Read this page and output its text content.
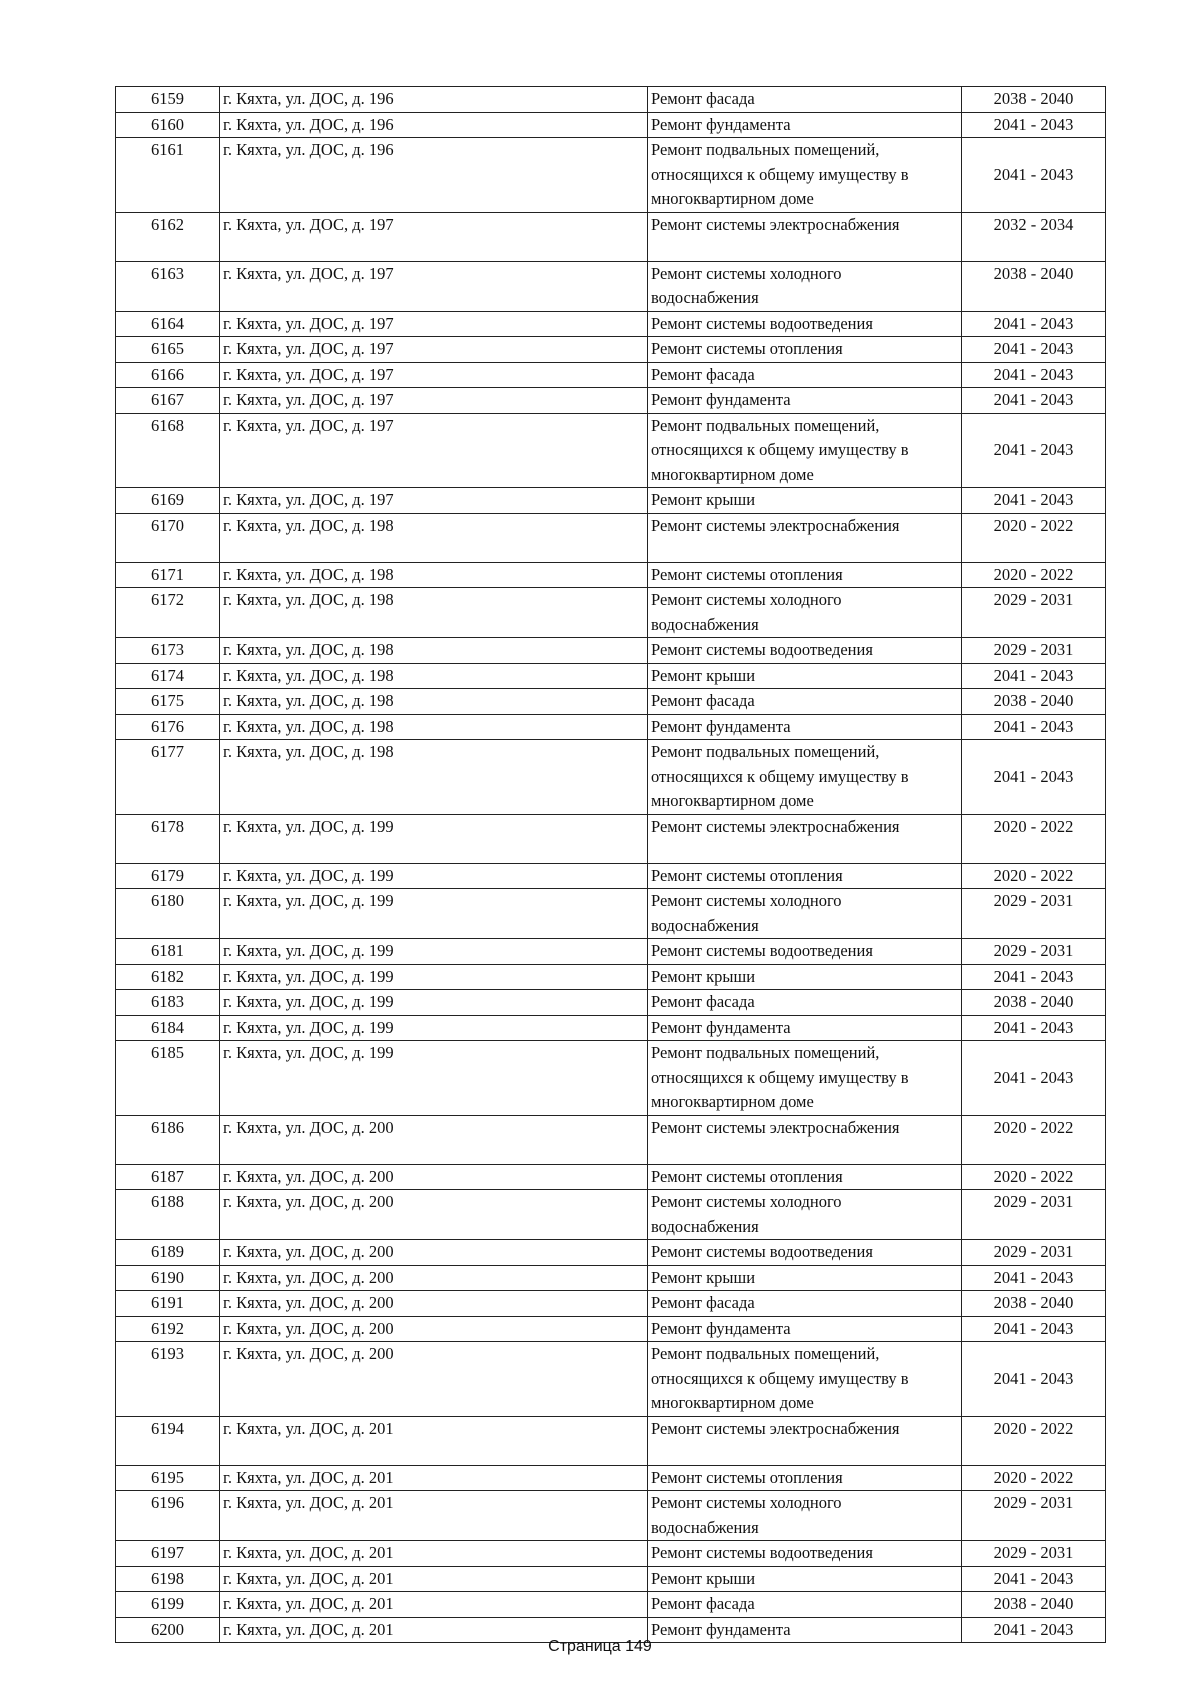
6159	г. Кяхта, ул. ДОС, д. 196	Ремонт фасада	2038 - 2040
6160	г. Кяхта, ул. ДОС, д. 196	Ремонт фундамента	2041 - 2043
6161	г. Кяхта, ул. ДОС, д. 196	Ремонт подвальных помещений,
относящихся к общему имуществу в
многоквартирном доме	2041 - 2043
6162	г. Кяхта, ул. ДОС, д. 197	Ремонт системы электроснабжения	2032 - 2034
6163	г. Кяхта, ул. ДОС, д. 197	Ремонт системы холодного
водоснабжения	2038 - 2040
6164	г. Кяхта, ул. ДОС, д. 197	Ремонт системы водоотведения	2041 - 2043
6165	г. Кяхта, ул. ДОС, д. 197	Ремонт системы отопления	2041 - 2043
6166	г. Кяхта, ул. ДОС, д. 197	Ремонт фасада	2041 - 2043
6167	г. Кяхта, ул. ДОС, д. 197	Ремонт фундамента	2041 - 2043
6168	г. Кяхта, ул. ДОС, д. 197	Ремонт подвальных помещений,
относящихся к общему имуществу в
многоквартирном доме	2041 - 2043
6169	г. Кяхта, ул. ДОС, д. 197	Ремонт крыши	2041 - 2043
6170	г. Кяхта, ул. ДОС, д. 198	Ремонт системы электроснабжения	2020 - 2022
6171	г. Кяхта, ул. ДОС, д. 198	Ремонт системы отопления	2020 - 2022
6172	г. Кяхта, ул. ДОС, д. 198	Ремонт системы холодного
водоснабжения	2029 - 2031
6173	г. Кяхта, ул. ДОС, д. 198	Ремонт системы водоотведения	2029 - 2031
6174	г. Кяхта, ул. ДОС, д. 198	Ремонт крыши	2041 - 2043
6175	г. Кяхта, ул. ДОС, д. 198	Ремонт фасада	2038 - 2040
6176	г. Кяхта, ул. ДОС, д. 198	Ремонт фундамента	2041 - 2043
6177	г. Кяхта, ул. ДОС, д. 198	Ремонт подвальных помещений,
относящихся к общему имуществу в
многоквартирном доме	2041 - 2043
6178	г. Кяхта, ул. ДОС, д. 199	Ремонт системы электроснабжения	2020 - 2022
6179	г. Кяхта, ул. ДОС, д. 199	Ремонт системы отопления	2020 - 2022
6180	г. Кяхта, ул. ДОС, д. 199	Ремонт системы холодного
водоснабжения	2029 - 2031
6181	г. Кяхта, ул. ДОС, д. 199	Ремонт системы водоотведения	2029 - 2031
6182	г. Кяхта, ул. ДОС, д. 199	Ремонт крыши	2041 - 2043
6183	г. Кяхта, ул. ДОС, д. 199	Ремонт фасада	2038 - 2040
6184	г. Кяхта, ул. ДОС, д. 199	Ремонт фундамента	2041 - 2043
6185	г. Кяхта, ул. ДОС, д. 199	Ремонт подвальных помещений,
относящихся к общему имуществу в
многоквартирном доме	2041 - 2043
6186	г. Кяхта, ул. ДОС, д. 200	Ремонт системы электроснабжения	2020 - 2022
6187	г. Кяхта, ул. ДОС, д. 200	Ремонт системы отопления	2020 - 2022
6188	г. Кяхта, ул. ДОС, д. 200	Ремонт системы холодного
водоснабжения	2029 - 2031
6189	г. Кяхта, ул. ДОС, д. 200	Ремонт системы водоотведения	2029 - 2031
6190	г. Кяхта, ул. ДОС, д. 200	Ремонт крыши	2041 - 2043
6191	г. Кяхта, ул. ДОС, д. 200	Ремонт фасада	2038 - 2040
6192	г. Кяхта, ул. ДОС, д. 200	Ремонт фундамента	2041 - 2043
6193	г. Кяхта, ул. ДОС, д. 200	Ремонт подвальных помещений,
относящихся к общему имуществу в
многоквартирном доме	2041 - 2043
6194	г. Кяхта, ул. ДОС, д. 201	Ремонт системы электроснабжения	2020 - 2022
6195	г. Кяхта, ул. ДОС, д. 201	Ремонт системы отопления	2020 - 2022
6196	г. Кяхта, ул. ДОС, д. 201	Ремонт системы холодного
водоснабжения	2029 - 2031
6197	г. Кяхта, ул. ДОС, д. 201	Ремонт системы водоотведения	2029 - 2031
6198	г. Кяхта, ул. ДОС, д. 201	Ремонт крыши	2041 - 2043
6199	г. Кяхта, ул. ДОС, д. 201	Ремонт фасада	2038 - 2040
6200	г. Кяхта, ул. ДОС, д. 201	Ремонт фундамента	2041 - 2043
Страница 149
